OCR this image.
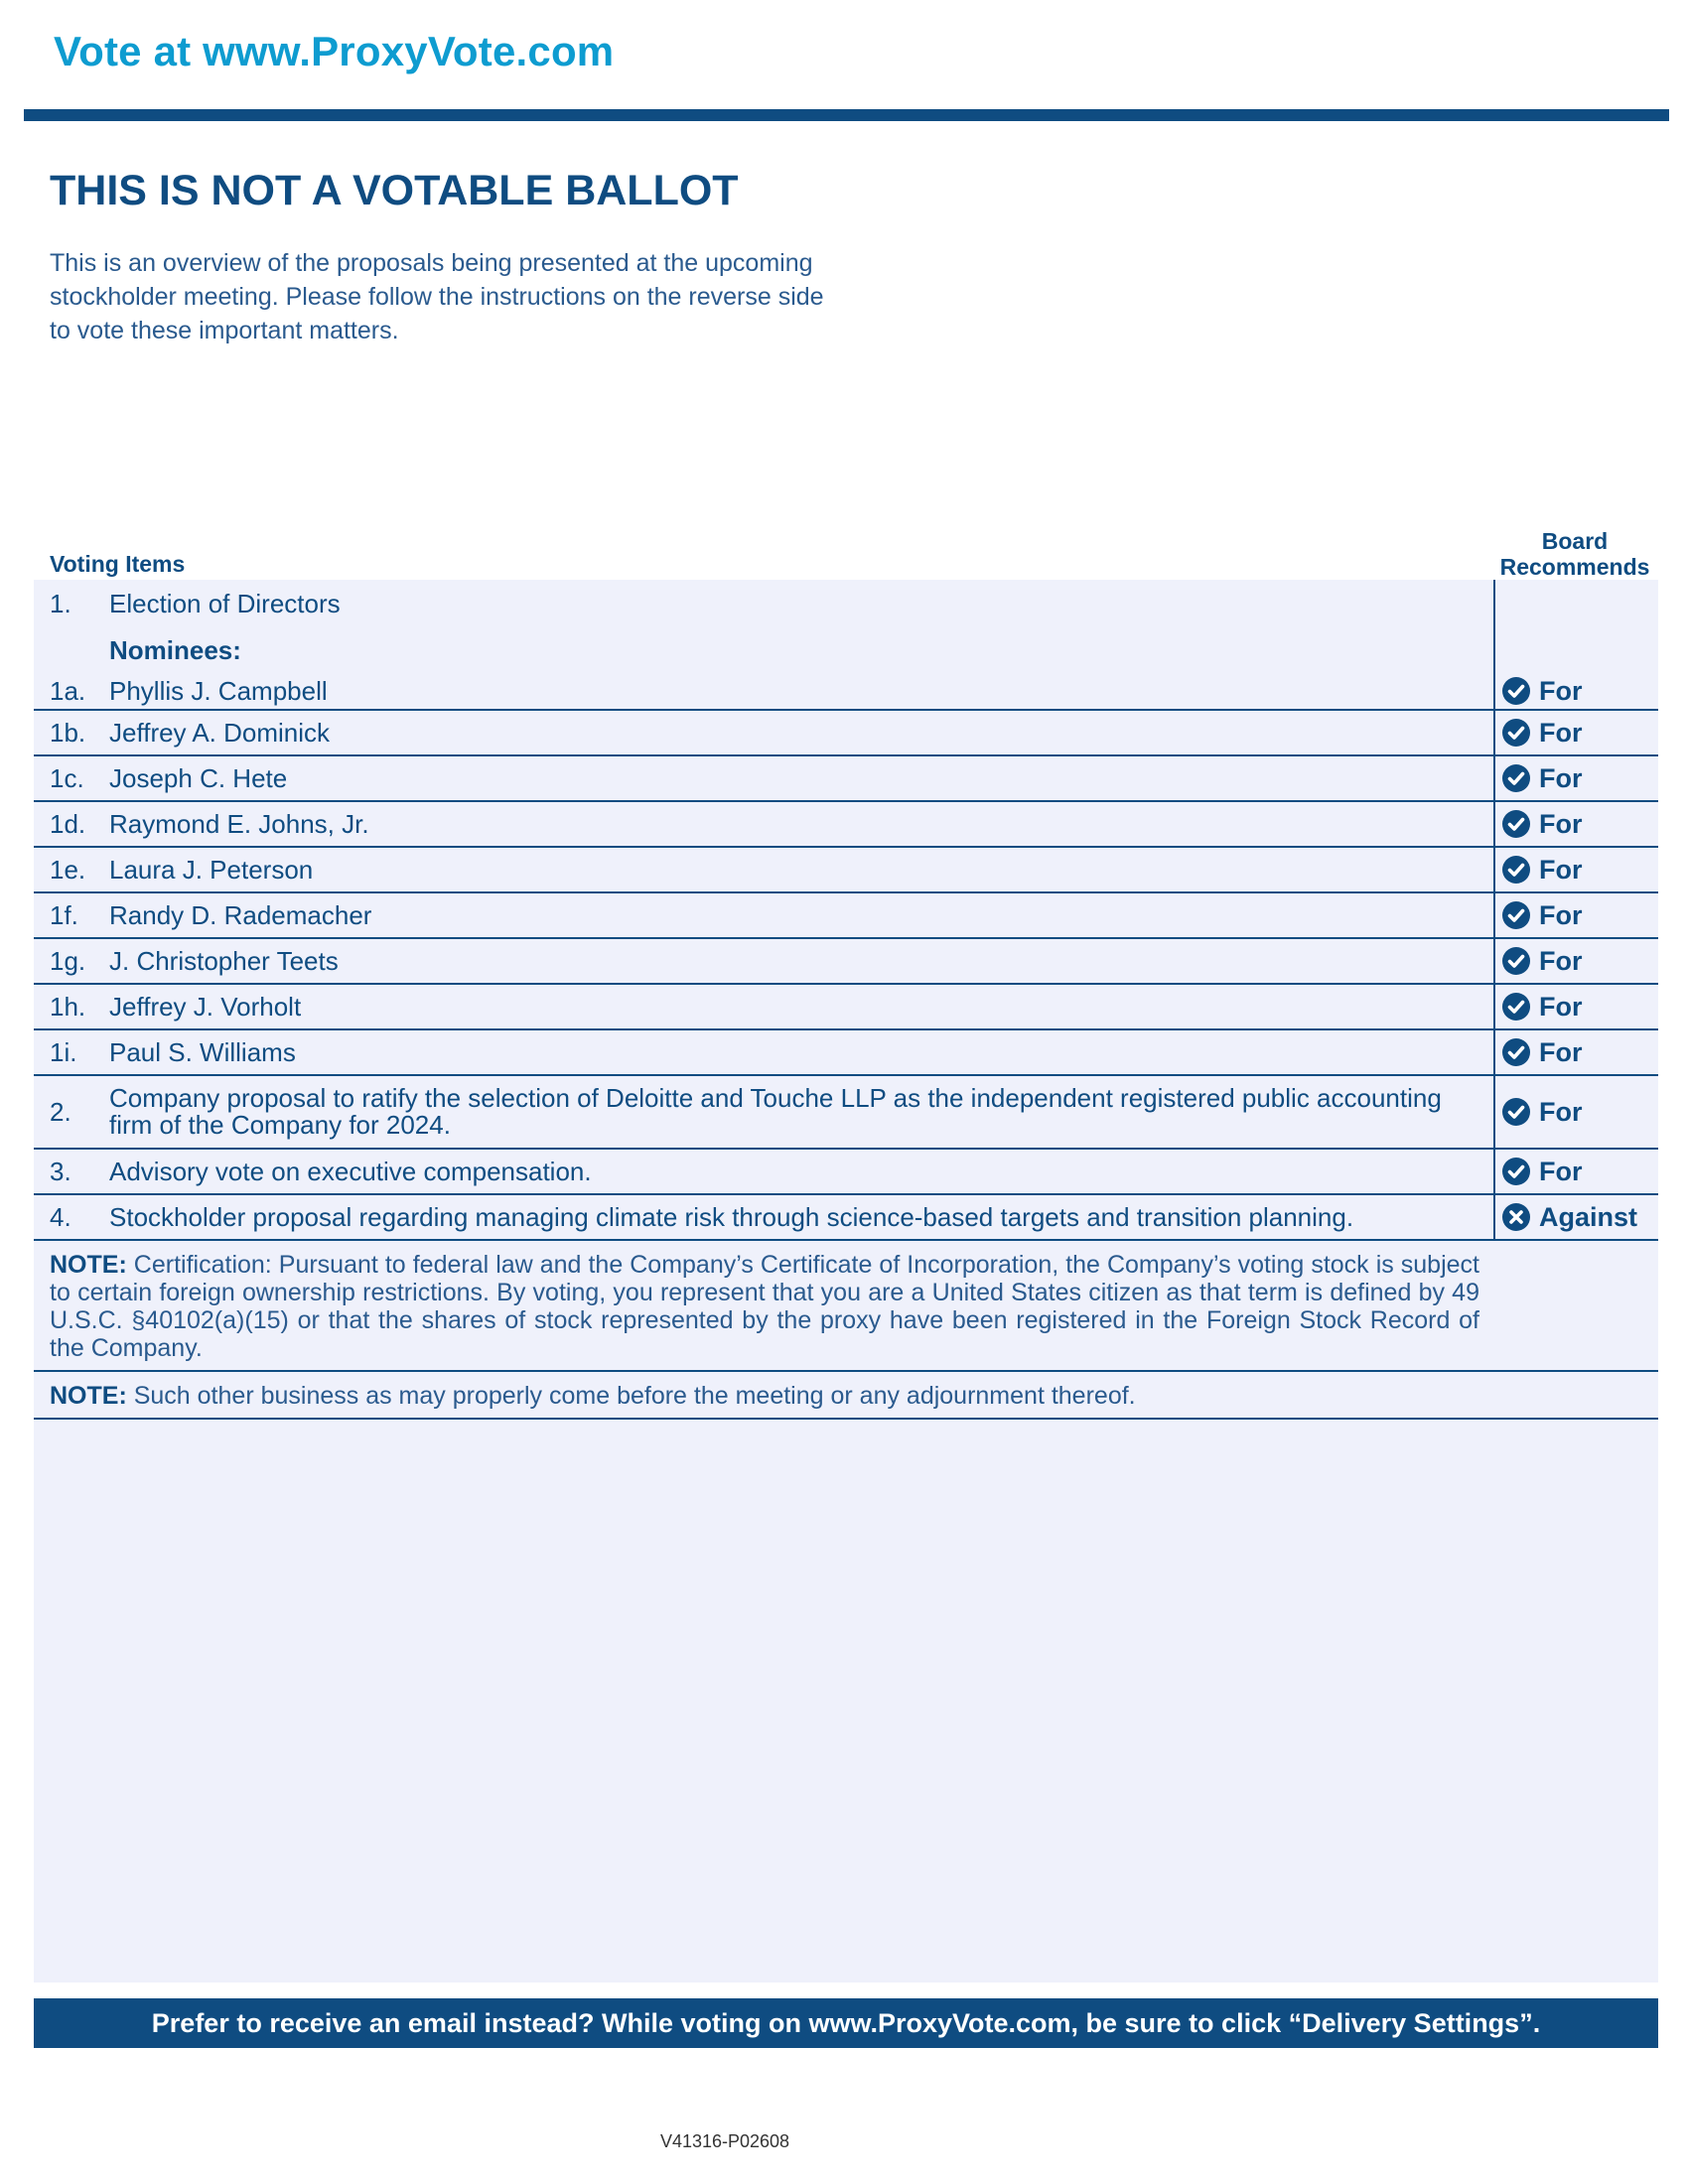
Vote at www.ProxyVote.com
THIS IS NOT A VOTABLE BALLOT
This is an overview of the proposals being presented at the upcoming stockholder meeting. Please follow the instructions on the reverse side to vote these important matters.
Voting Items
Board
Recommends
1.	Election of Directors
Nominees:
1a. Phyllis J. Campbell	For
1b. Jeffrey A. Dominick	For
1c. Joseph C. Hete	For
1d. Raymond E. Johns, Jr.	For
1e. Laura J. Peterson	For
1f.	Randy D. Rademacher	For
1g. J. Christopher Teets	For
1h. Jeffrey J. Vorholt	For
1i.	Paul S. Williams	For
2.	Company proposal to ratify the selection of Deloitte and Touche LLP as the independent registered public accounting firm of the Company for 2024.	For
3.	Advisory vote on executive compensation.	For
4.	Stockholder proposal regarding managing climate risk through science-based targets and transition planning.	Against
NOTE: Certification: Pursuant to federal law and the Company’s Certificate of Incorporation, the Company’s voting stock is subject to certain foreign ownership restrictions. By voting, you represent that you are a United States citizen as that term is defined by 49 U.S.C. §40102(a)(15) or that the shares of stock represented by the proxy have been registered in the Foreign Stock Record of the Company.
NOTE: Such other business as may properly come before the meeting or any adjournment thereof.
Prefer to receive an email instead? While voting on www.ProxyVote.com, be sure to click “Delivery Settings”.
V41316-P02608
